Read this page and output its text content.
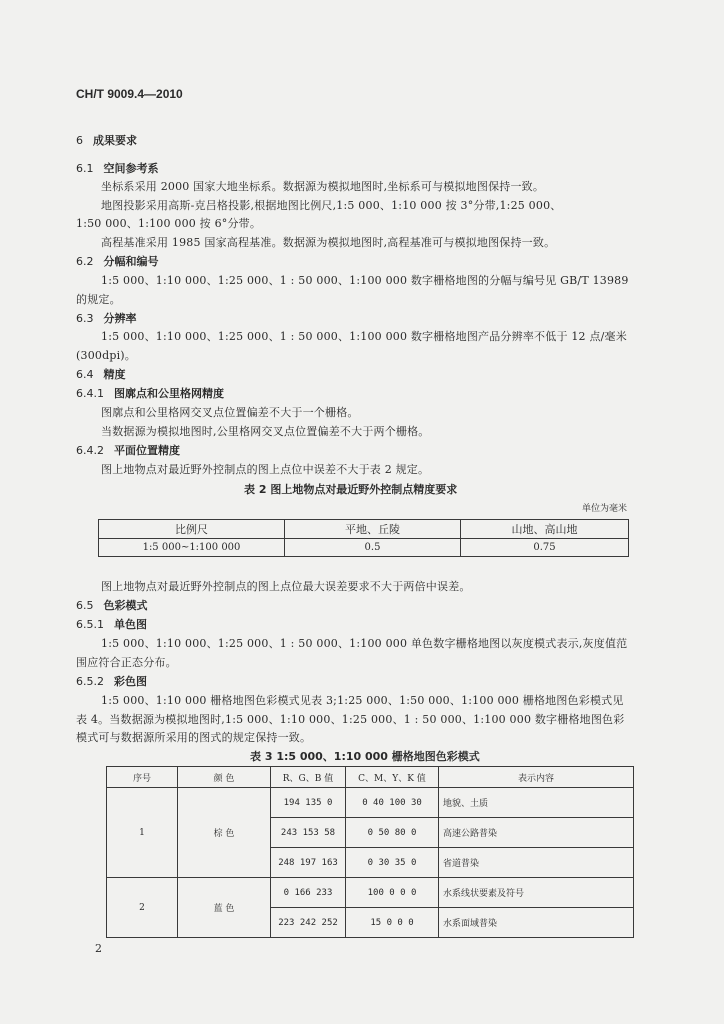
CH/T 9009.4—2010
6 成果要求
6.1 空间参考系
坐标系采用 2000 国家大地坐标系。数据源为模拟地图时,坐标系可与模拟地图保持一致。
地图投影采用高斯-克吕格投影,根据地图比例尺,1:5 000、1:10 000 按 3°分带,1:25 000、
1:50 000、1:100 000 按 6°分带。
高程基准采用 1985 国家高程基准。数据源为模拟地图时,高程基准可与模拟地图保持一致。
6.2 分幅和编号
1:5 000、1:10 000、1:25 000、1 : 50 000、1:100 000 数字栅格地图的分幅与编号见 GB/T 13989
的规定。
6.3 分辨率
1:5 000、1:10 000、1:25 000、1 : 50 000、1:100 000 数字栅格地图产品分辨率不低于 12 点/毫米
(300dpi)。
6.4 精度
6.4.1 图廓点和公里格网精度
图廓点和公里格网交叉点位置偏差不大于一个栅格。
当数据源为模拟地图时,公里格网交叉点位置偏差不大于两个栅格。
6.4.2 平面位置精度
图上地物点对最近野外控制点的图上点位中误差不大于表 2 规定。
表 2 图上地物点对最近野外控制点精度要求
单位为毫米
比例尺	平地、丘陵	山地、高山地
1:5 000~1:100 000	0.5	0.75
图上地物点对最近野外控制点的图上点位最大误差要求不大于两倍中误差。
6.5 色彩模式
6.5.1 单色图
1:5 000、1:10 000、1:25 000、1 : 50 000、1:100 000 单色数字栅格地图以灰度模式表示,灰度值范
围应符合正态分布。
6.5.2 彩色图
1:5 000、1:10 000 栅格地图色彩模式见表 3;1:25 000、1:50 000、1:100 000 栅格地图色彩模式见
表 4。当数据源为模拟地图时,1:5 000、1:10 000、1:25 000、1 : 50 000、1:100 000 数字栅格地图色彩
模式可与数据源所采用的图式的规定保持一致。
表 3 1:5 000、1:10 000 栅格地图色彩模式
序号	颜 色	R、G、B 值	C、M、Y、K 值	表示内容
1	棕 色	194 135 0	0 40 100 30	地貌、土质
		243 153 58	0 50 80 0	高速公路普染
		248 197 163	0 30 35 0	省道普染
2	蓝 色	0 166 233	100 0 0 0	水系线状要素及符号
		223 242 252	15 0 0 0	水系面域普染
2
